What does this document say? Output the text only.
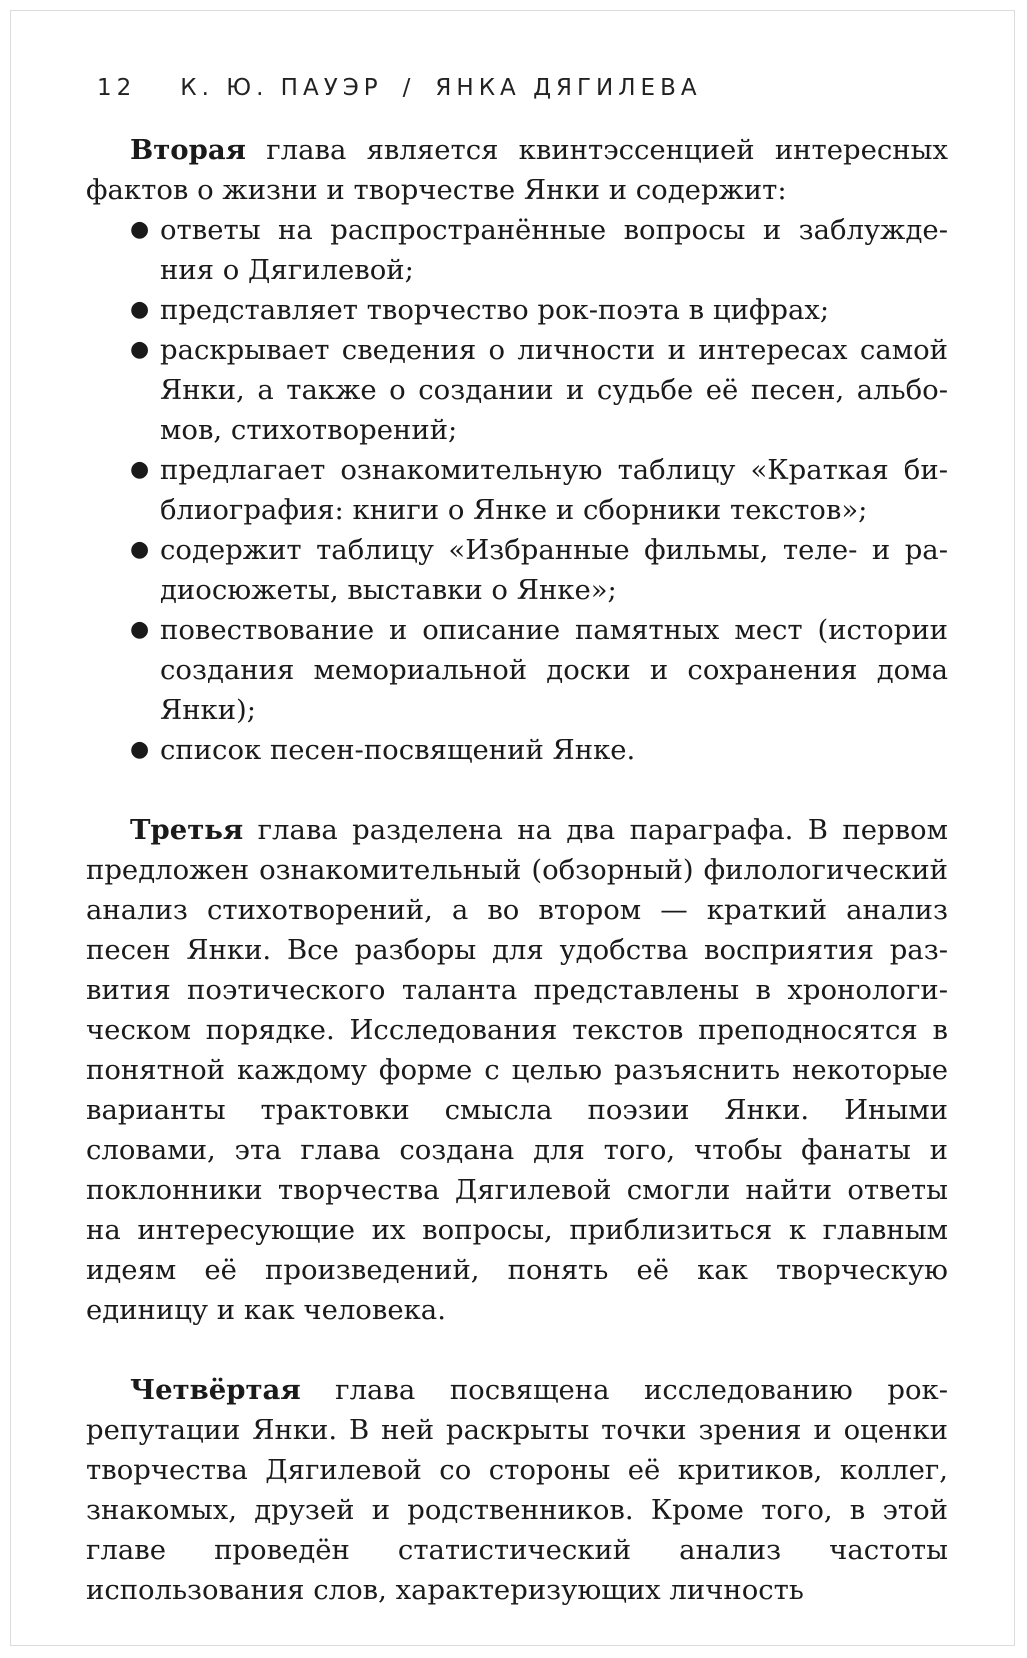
12 К. Ю. ПАУЭР / ЯНКА ДЯГИЛЕВА

Вторая глава является квинтэссенцией интересных фактов о жизни и творчестве Янки и содержит:

● ответы на распространённые вопросы и заблуждения о Дягилевой;
● представляет творчество рок-поэта в цифрах;
● раскрывает сведения о личности и интересах самой Янки, а также о создании и судьбе её песен, альбомов, стихотворений;
● предлагает ознакомительную таблицу «Краткая библиография: книги о Янке и сборники текстов»;
● содержит таблицу «Избранные фильмы, теле- и радиосюжеты, выставки о Янке»;
● повествование и описание памятных мест (истории создания мемориальной доски и сохранения дома Янки);
● список песен-посвящений Янке.

Третья глава разделена на два параграфа. В первом предложен ознакомительный (обзорный) филологический анализ стихотворений, а во втором — краткий анализ песен Янки. Все разборы для удобства восприятия развития поэтического таланта представлены в хронологическом порядке. Исследования текстов преподносятся в понятной каждому форме с целью разъяснить некоторые варианты трактовки смысла поэзии Янки. Иными словами, эта глава создана для того, чтобы фанаты и поклонники творчества Дягилевой смогли найти ответы на интересующие их вопросы, приблизиться к главным идеям её произведений, понять её как творческую единицу и как человека.

Четвёртая глава посвящена исследованию рок-репутации Янки. В ней раскрыты точки зрения и оценки творчества Дягилевой со стороны её критиков, коллег, знакомых, друзей и родственников. Кроме того, в этой главе проведён статистический анализ частоты использования слов, характеризующих личность
